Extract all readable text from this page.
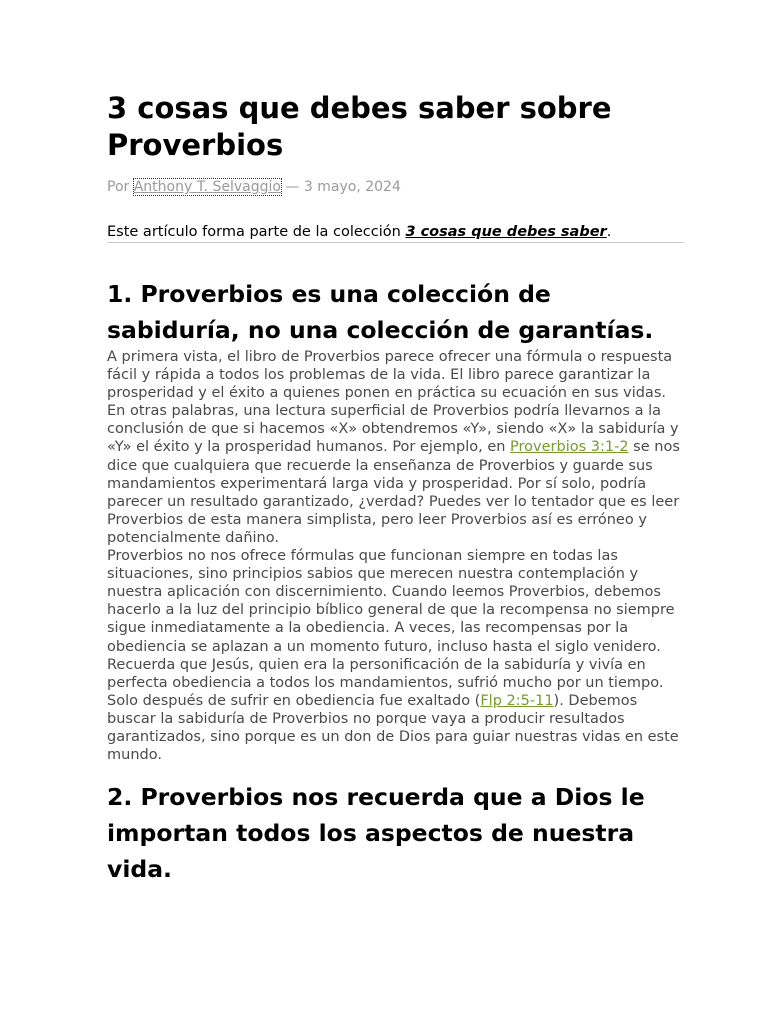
3 cosas que debes saber sobre Proverbios
Por Anthony T. Selvaggio — 3 mayo, 2024
Este artículo forma parte de la colección 3 cosas que debes saber.
1. Proverbios es una colección de sabiduría, no una colección de garantías.

A primera vista, el libro de Proverbios parece ofrecer una fórmula o respuesta fácil y rápida a todos los problemas de la vida. El libro parece garantizar la prosperidad y el éxito a quienes ponen en práctica su ecuación en sus vidas. En otras palabras, una lectura superficial de Proverbios podría llevarnos a la conclusión de que si hacemos «X» obtendremos «Y», siendo «X» la sabiduría y «Y» el éxito y la prosperidad humanos. Por ejemplo, en Proverbios 3:1-2 se nos dice que cualquiera que recuerde la enseñanza de Proverbios y guarde sus mandamientos experimentará larga vida y prosperidad. Por sí solo, podría parecer un resultado garantizado, ¿verdad? Puedes ver lo tentador que es leer Proverbios de esta manera simplista, pero leer Proverbios así es erróneo y potencialmente dañino.

Proverbios no nos ofrece fórmulas que funcionan siempre en todas las situaciones, sino principios sabios que merecen nuestra contemplación y nuestra aplicación con discernimiento. Cuando leemos Proverbios, debemos hacerlo a la luz del principio bíblico general de que la recompensa no siempre sigue inmediatamente a la obediencia. A veces, las recompensas por la obediencia se aplazan a un momento futuro, incluso hasta el siglo venidero. Recuerda que Jesús, quien era la personificación de la sabiduría y vivía en perfecta obediencia a todos los mandamientos, sufrió mucho por un tiempo. Solo después de sufrir en obediencia fue exaltado (Flp 2:5-11). Debemos buscar la sabiduría de Proverbios no porque vaya a producir resultados garantizados, sino porque es un don de Dios para guiar nuestras vidas en este mundo.

2. Proverbios nos recuerda que a Dios le importan todos los aspectos de nuestra vida.
